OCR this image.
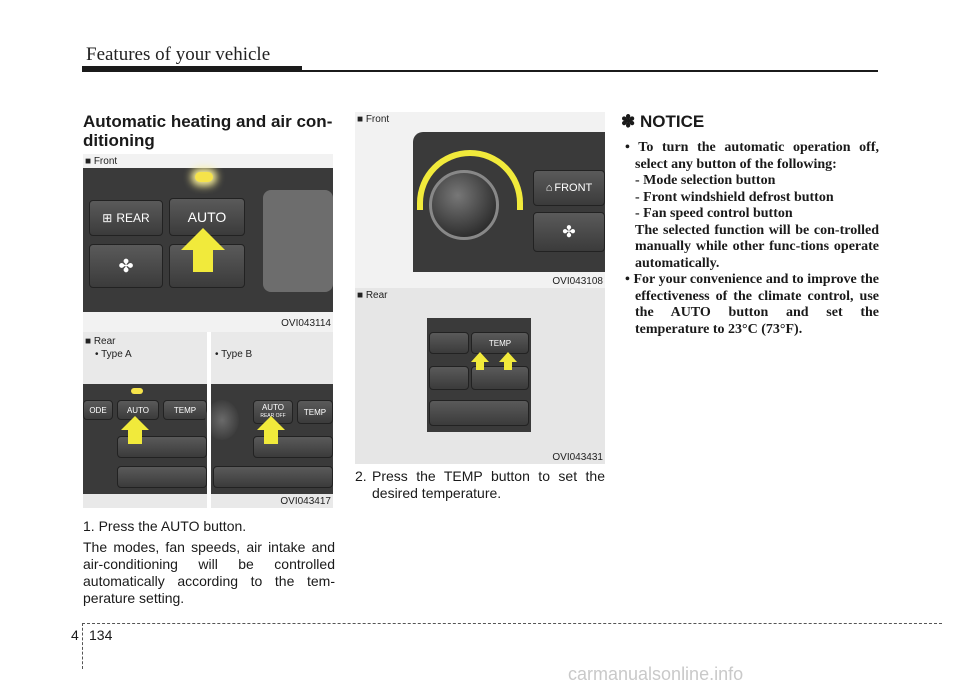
Features of your vehicle
Automatic heating and air con-ditioning
■ Front
⊞ REAR	AUTO
✤
OVI043114
■ Rear
• Type A	• Type B
ODE	AUTO	TEMP	AUTO
REAR OFF TEMP
OVI043417
1. Press the AUTO button.
The modes, fan speeds, air intake and air-conditioning will be controlled automatically according to the tem-perature setting.
■ Front
⌂ FRONT
✤
OVI043108
■ Rear
TEMP
OVI043431
2. Press the TEMP button to set the desired temperature.
✽ NOTICE
• To turn the automatic operation off, select any button of the following:
- Mode selection button
- Front windshield defrost button
- Fan speed control button
The selected function will be con-trolled manually while other func-tions operate automatically.
• For your convenience and to improve the effectiveness of the climate control, use the AUTO button and set the temperature to 23°C (73°F).
4 134
carmanualsonline.info
